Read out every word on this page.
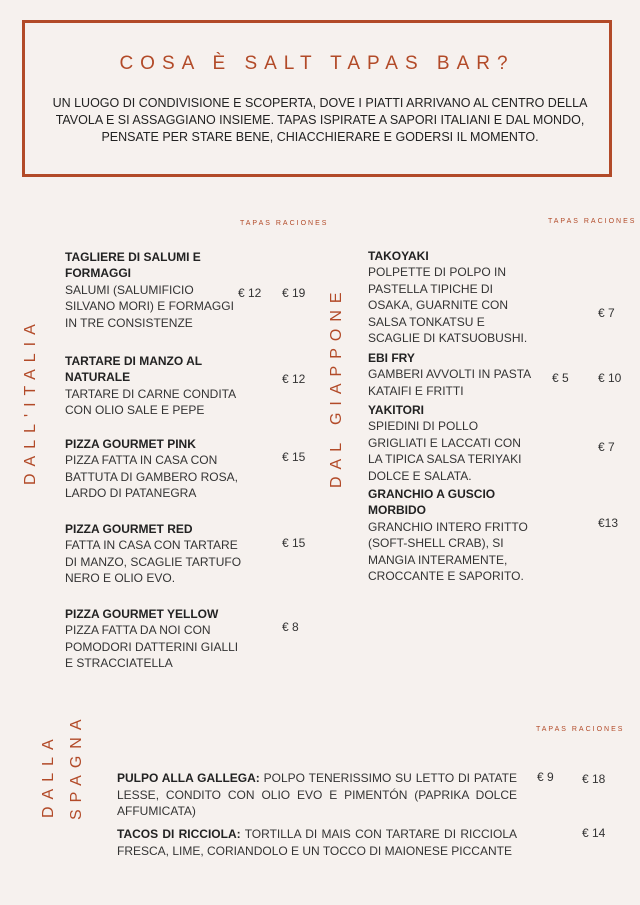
COSA È SALT TAPAS BAR?
UN LUOGO DI CONDIVISIONE E SCOPERTA, DOVE I PIATTI ARRIVANO AL CENTRO DELLA TAVOLA E SI ASSAGGIANO INSIEME. TAPAS ISPIRATE A SAPORI ITALIANI E DAL MONDO, PENSATE PER STARE BENE, CHIACCHIERARE E GODERSI IL MOMENTO.
DALL'ITALIA
TAPAS RACIONES
TAGLIERE DI SALUMI E FORMAGGI
SALUMI (SALUMIFICIO SILVANO MORI) E FORMAGGI IN TRE CONSISTENZE
€ 12 € 19
TARTARE DI MANZO AL NATURALE
TARTARE DI CARNE CONDITA CON OLIO SALE E PEPE
€ 12
PIZZA GOURMET PINK
PIZZA FATTA IN CASA CON BATTUTA DI GAMBERO ROSA, LARDO DI PATANEGRA
€ 15
PIZZA GOURMET RED
FATTA IN CASA CON TARTARE DI MANZO, SCAGLIE TARTUFO NERO E OLIO EVO.
€ 15
PIZZA GOURMET YELLOW
PIZZA FATTA DA NOI CON POMODORI DATTERINI GIALLI E STRACCIATELLA
€ 8
DAL GIAPPONE
TAPAS RACIONES
TAKOYAKI
POLPETTE DI POLPO IN PASTELLA TIPICHE DI OSAKA, GUARNITE CON SALSA TONKATSU E SCAGLIE DI KATSUOBUSHI.
€ 7
EBI FRY
GAMBERI AVVOLTI IN PASTA KATAIFI E FRITTI
€ 5 € 10
YAKITORI
SPIEDINI DI POLLO GRIGLIATI E LACCATI CON LA TIPICA SALSA TERIYAKI DOLCE E SALATA.
€ 7
GRANCHIO A GUSCIO MORBIDO
GRANCHIO INTERO FRITTO (SOFT-SHELL CRAB), SI MANGIA INTERAMENTE, CROCCANTE E SAPORITO.
€13
DALLA SPAGNA	TAPAS RACIONES
PULPO ALLA GALLEGA: POLPO TENERISSIMO SU LETTO DI PATATE LESSE, CONDITO CON OLIO EVO E PIMENTÓN (PAPRIKA DOLCE AFFUMICATA)
€ 9 € 18
TACOS DI RICCIOLA: TORTILLA DI MAIS CON TARTARE DI RICCIOLA FRESCA, LIME, CORIANDOLO E UN TOCCO DI MAIONESE PICCANTE
€ 14
